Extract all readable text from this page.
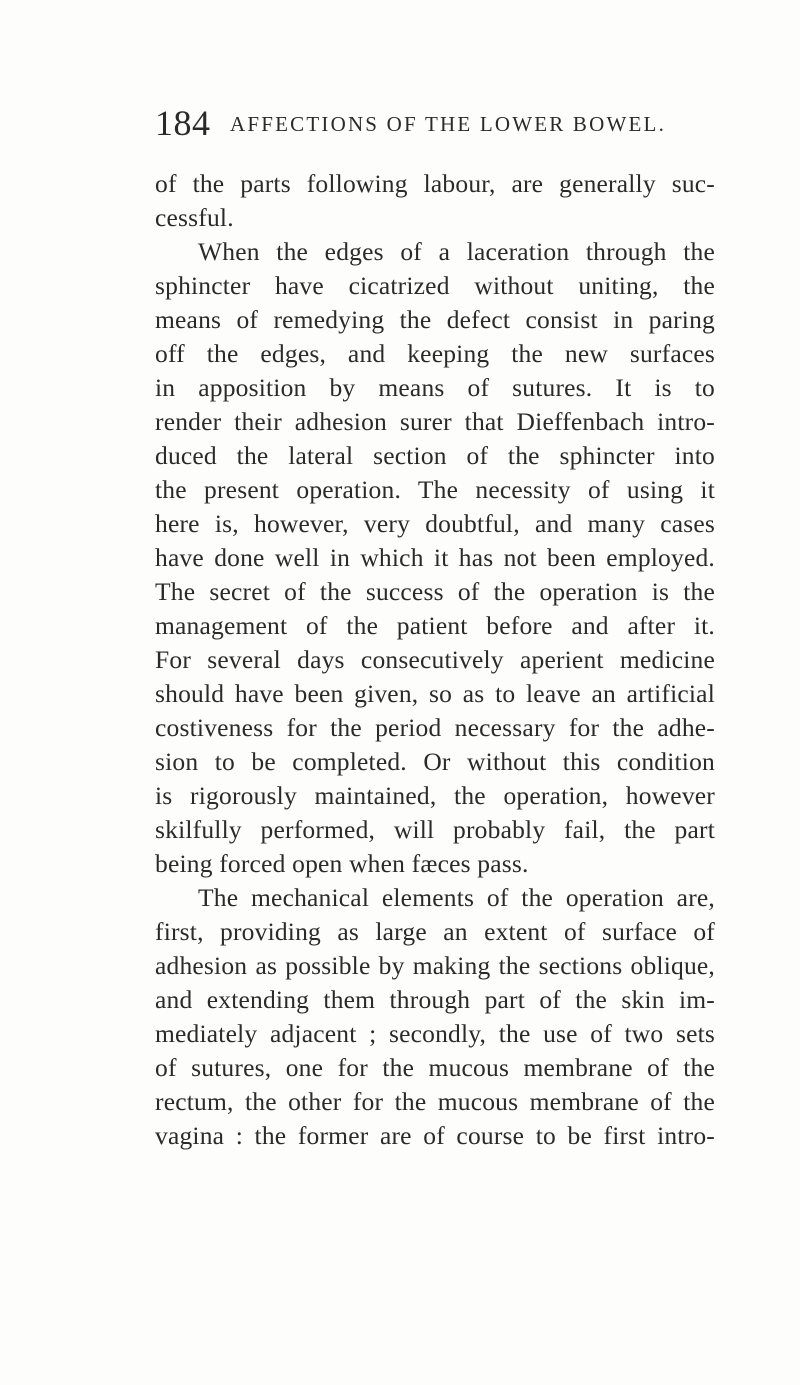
184 AFFECTIONS OF THE LOWER BOWEL.
of the parts following labour, are generally suc-
cessful.
When the edges of a laceration through the
sphincter have cicatrized without uniting, the
means of remedying the defect consist in paring
off the edges, and keeping the new surfaces
in apposition by means of sutures. It is to
render their adhesion surer that Dieffenbach intro-
duced the lateral section of the sphincter into
the present operation. The necessity of using it
here is, however, very doubtful, and many cases
have done well in which it has not been employed.
The secret of the success of the operation is the
management of the patient before and after it.
For several days consecutively aperient medicine
should have been given, so as to leave an artificial
costiveness for the period necessary for the adhe-
sion to be completed. Or without this condition
is rigorously maintained, the operation, however
skilfully performed, will probably fail, the part
being forced open when fæces pass.
The mechanical elements of the operation are,
first, providing as large an extent of surface of
adhesion as possible by making the sections oblique,
and extending them through part of the skin im-
mediately adjacent ; secondly, the use of two sets
of sutures, one for the mucous membrane of the
rectum, the other for the mucous membrane of the
vagina : the former are of course to be first intro-
